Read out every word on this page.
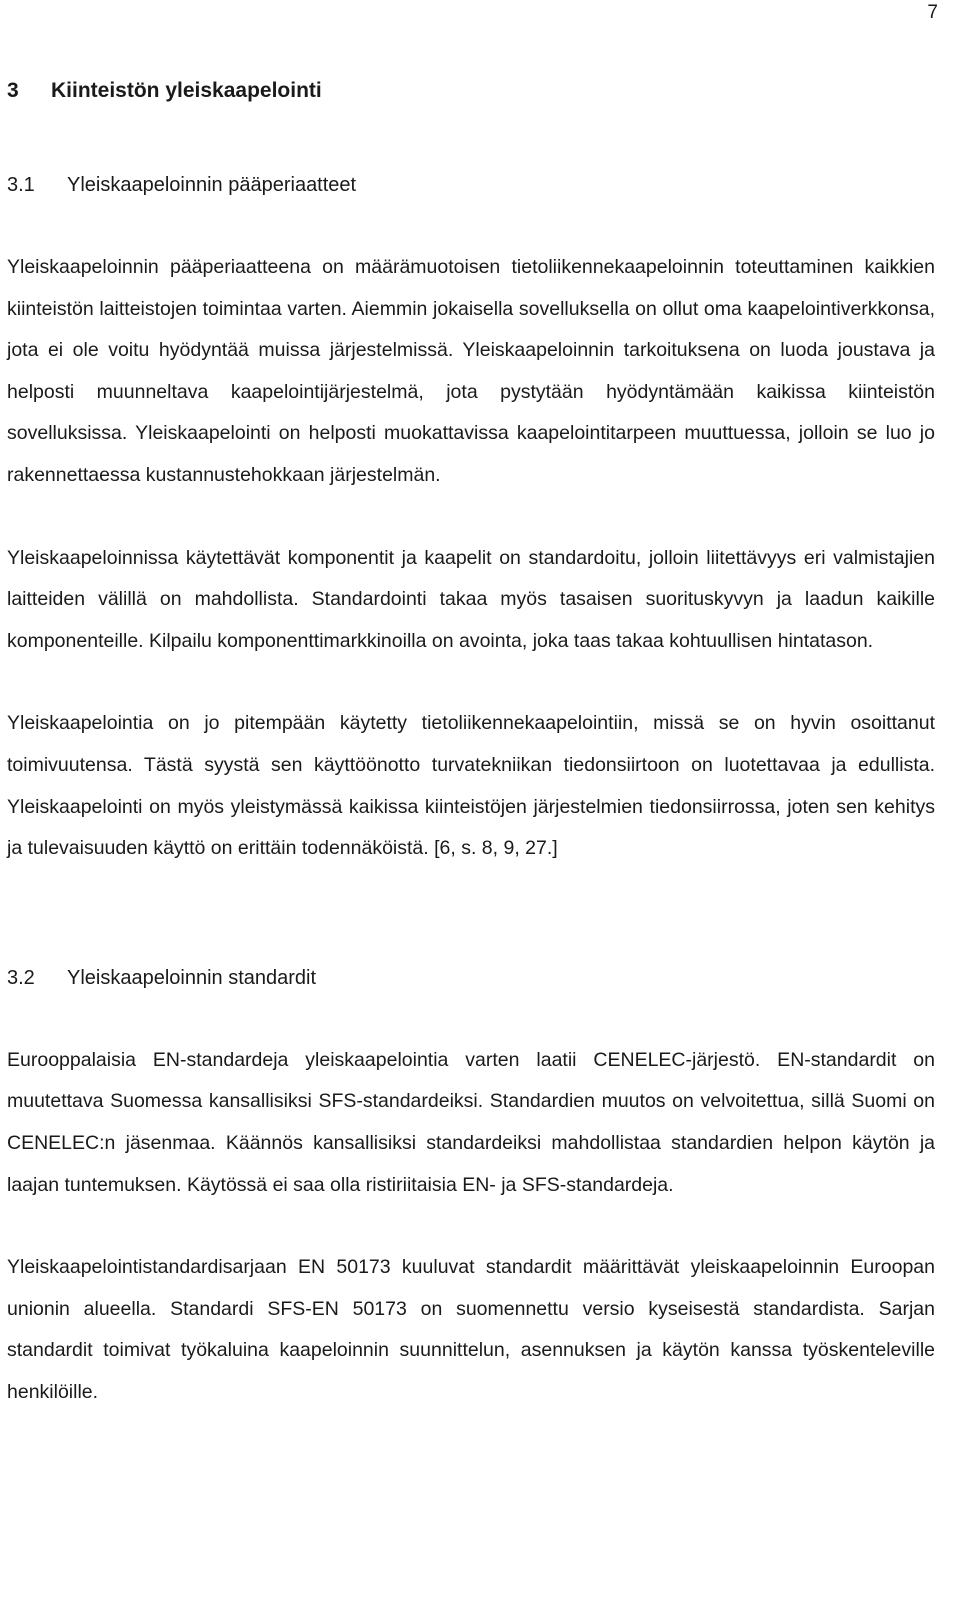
7
3 Kiinteistön yleiskaapelointi
3.1 Yleiskaapeloinnin pääperiaatteet

Yleiskaapeloinnin pääperiaatteena on määrämuotoisen tietoliikennekaapeloinnin toteuttaminen kaikkien kiinteistön laitteistojen toimintaa varten. Aiemmin jokaisella sovelluksella on ollut oma kaapelointiverkkonsa, jota ei ole voitu hyödyntää muissa järjestelmissä. Yleiskaapeloinnin tarkoituksena on luoda joustava ja helposti muunneltava kaapelointijärjestelmä, jota pystytään hyödyntämään kaikissa kiinteistön sovelluksissa. Yleiskaapelointi on helposti muokattavissa kaapelointitarpeen muuttuessa, jolloin se luo jo rakennettaessa kustannustehokkaan järjestelmän.

Yleiskaapeloinnissa käytettävät komponentit ja kaapelit on standardoitu, jolloin liitettävyys eri valmistajien laitteiden välillä on mahdollista. Standardointi takaa myös tasaisen suorituskyvyn ja laadun kaikille komponenteille. Kilpailu komponenttimarkkinoilla on avointa, joka taas takaa kohtuullisen hintatason.

Yleiskaapelointia on jo pitempään käytetty tietoliikennekaapelointiin, missä se on hyvin osoittanut toimivuutensa. Tästä syystä sen käyttöönotto turvatekniikan tiedonsiirtoon on luotettavaa ja edullista. Yleiskaapelointi on myös yleistymässä kaikissa kiinteistöjen järjestelmien tiedonsiirrossa, joten sen kehitys ja tulevaisuuden käyttö on erittäin todennäköistä. [6, s. 8, 9, 27.]

3.2 Yleiskaapeloinnin standardit

Eurooppalaisia EN-standardeja yleiskaapelointia varten laatii CENELEC-järjestö. EN-standardit on muutettava Suomessa kansallisiksi SFS-standardeiksi. Standardien muutos on velvoitettua, sillä Suomi on CENELEC:n jäsenmaa. Käännös kansallisiksi standardeiksi mahdollistaa standardien helpon käytön ja laajan tuntemuksen. Käytössä ei saa olla ristiriitaisia EN- ja SFS-standardeja.

Yleiskaapelointistandardisarjaan EN 50173 kuuluvat standardit määrittävät yleiskaapeloinnin Euroopan unionin alueella. Standardi SFS-EN 50173 on suomennettu versio kyseisestä standardista. Sarjan standardit toimivat työkaluina kaapeloinnin suunnittelun, asennuksen ja käytön kanssa työskenteleville henkilöille.
